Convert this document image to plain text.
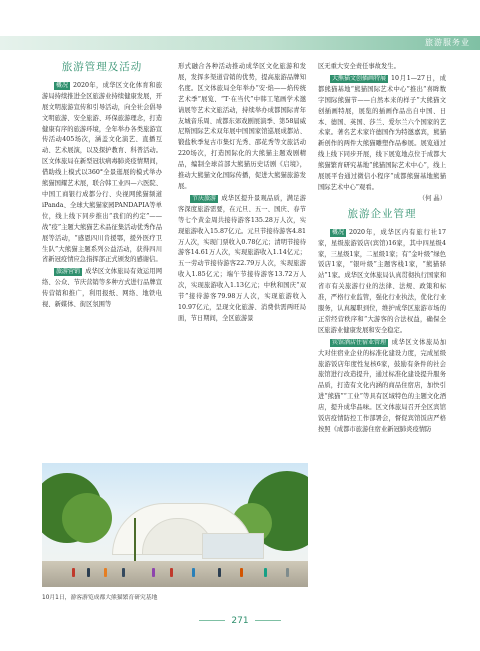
旅游服务业
旅游管理及活动

概况 2020年，成华区文化体育和旅游局持续推进全区旅游业持续健康发展，开展文明旅游宣传和引导活动，向全社会倡导文明旅游、安全旅游、环保旅游理念，打造健康有序的旅游环境，全年举办各类旅游宣传活动405场次，涵盖文化演艺、直播互动、艺术展演，以及探护教育、科普活动。区文体旅局在新型冠状病毒肺炎疫情期间，借助线上模式以360°全景逛展的模式举办熊猫国耀艺术展，联合韩工业四—六医院、中国工商银行成都分行、央视网熊猫频道iPanda、全球大熊猫家园PANDAPIA等单位，线上线下同步推出“我们的约定”——战“疫”主题大熊猫艺术品征集活动优秀作品展等活动，“感恩四川肯援鄂，援外医疗卫生队”大熊猫主题系列公益活动，获得四川省新冠疫情应急指挥部正式颁发的感谢信。

旅游营销 成华区文体旅局有效运用网络、公众、节庆营销等多种方式进行品牌宣传营销和推广，利用报纸、网络、地铁电视、新媒体、街区氛围等

形式融合各种活动推动成华区文化旅游和发展，发挥多渠道营销的优势，提高旅游品牌知名度。区文体旅局全年举办“安·焰——焰传统艺术季”展览、“T·在当代”中韩工笔画学术邀请展等艺术文旅活动，持续举办成都国际青年友城音乐周、成都东郊戏剧展演季、第58届威尼斯国际艺术双年展中国国家馆巡展成都站、锻盐秋季复古市集灯光秀、邵花秀等文旅活动220场次，打造国际化的大熊猫主题戏剧精品，编制全球首部大熊猫历史话剧《启境》，推动大熊猫文化国际传播，促进大熊猫旅游发展。

节庆旅游 成华区提升景观品质，满足游客深度旅游需要，在元旦、五一、国庆、春节等七个黄金周共接待游客135.28万人次，实现旅游收入15.87亿元。元旦节接待游客4.81万人次，实现门票收入0.78亿元；清明节接待游客14.61万人次，实现旅游收入1.14亿元；五一劳动节接待游客22.79万人次，实现旅游收入1.85亿元；端午节接待游客13.72万人次，实现旅游收入1.13亿元；中秋和国庆“双节”接待游客79.98万人次，实现旅游收入10.97亿元，呈现文化旅游、消费供需两旺局面，节日期间，全区旅游景

区无重大安全责任事故发生。

大熊猫文创插画特展 10月1—27日，成都熊猫基地“熊猫国际艺术中心”推出“喜眸数字国际熊猫节——自然本来的样子”大熊猫文创插画特展，展览的插画作品出自中国、日本、德国、英国、莎兰、爱尔兰六个国家的艺术家。著名艺术家许德国作为特邀嘉宾，熊猫新创作的两件大熊猫雕塑作品参展。展览通过线上线下同步开展，线下展览地点位于成都大熊猫繁育研究基地“熊猫国际艺术中心”，线上展展平台通过微信小程序“成都熊猫基地熊猫国际艺术中心”观看。
（何 晶）

旅游企业管理

概况 2020年，成华区内有旅行社17家，星级旅游饭店(宾馆)16家，其中四星级4家，三星级1家，二星级1家；有“金叶级”绿色饭店1家，“银叶级”主题客栈1家，“熊猫驿站”1家。成华区文体旅局认真贯彻执行国家和省市有关旅游行业的法律、法规、政策和标准，严格行业监管，强化行业执法，优化行业服务，认真履职到位，维护成华区旅游市场的正常经营秩序和“大游客的合法权益，确保全区旅游业健康发展和安全稳定。

宾馆酒店住宿业管理 成华区文体旅局加大对住宿业企业的标准化建设力度，完成星级旅游饭店年度性复核6家，鼓励有条件的社会旅馆进行改造提升，通过标准化建设提升服务品质，打造有文化内涵的商品住宿店，加快引进“熊猫”“工业”等具有区域特色的主题文化酒店，提升成华品味。区文体旅局召开全区宾馆饭店疫情防控工作部署会，督促宾馆饭店严格按照《成都市旅游住宿业新冠肺炎疫情防

10月1日，游客游览成都大熊猫繁育研究基地
271
